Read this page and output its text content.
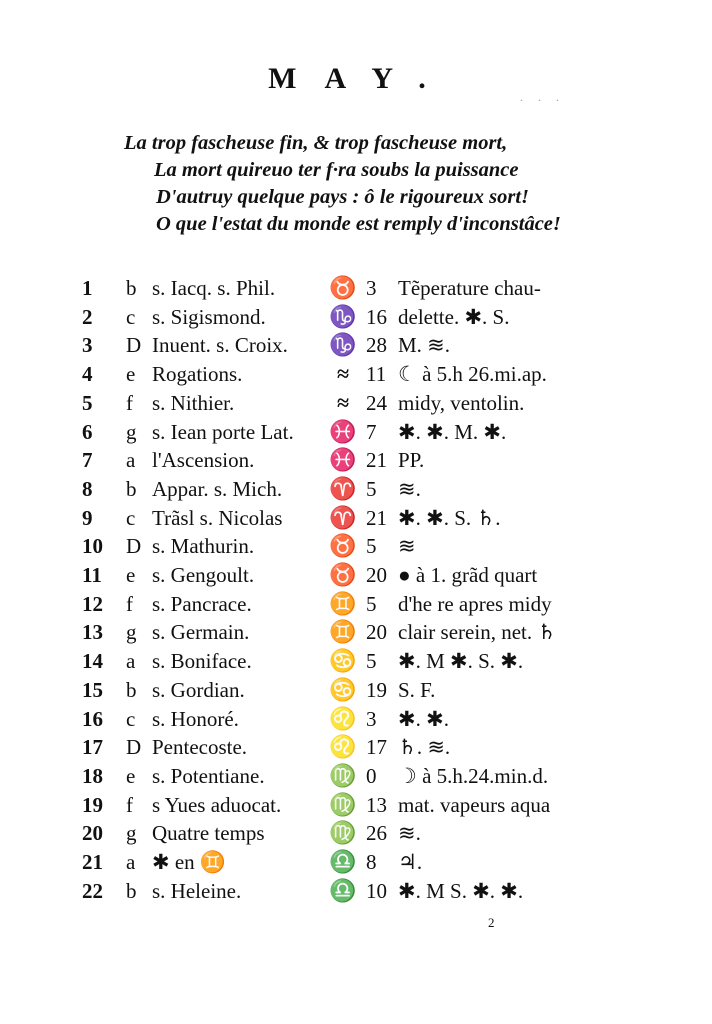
. . .
MAY.
La trop fascheuse fin, & trop fascheuse mort,
La mort quireuo ter f·ra soubs la puissance
D'autruy quelque pays : ô le rigoureux sort!
O que l'estat du monde est remply d'inconstâce!
1	b s. Iacq. s. Phil.	♉ 3	Tẽperature chau-
2	c s. Sigismond.	♑ 16 delette. ✱. S.
3	D Inuent. s. Croix.	♑ 28 M. ≋.
4	e Rogations.	≈ 11 ☾ à 5.h 26.mi.ap.
5	f s. Nithier.	≈ 24 midy, ventolin.
6	g s. Iean porte Lat.	♓ 7	✱. ✱. M. ✱.
7	a l'Ascension.	♓ 21 PP.
8	b Appar. s. Mich.	♈ 5	≋.
9	c Trãsl s. Nicolas	♈ 21 ✱. ✱. S. ♄.
10	D s. Mathurin.	♉ 5	≋
11	e s. Gengoult.	♉ 20 ● à 1. grãd quart
12	f s. Pancrace.	♊ 5	d'he re apres midy
13	g s. Germain.	♊ 20 clair serein, net. ♄
14	a s. Boniface.	♋ 5	✱. M ✱. S. ✱.
15	b s. Gordian.	♋ 19 S. F.
16	c s. Honoré.	♌ 3	✱. ✱.
17	D Pentecoste.	♌ 17 ♄. ≋.
18	e s. Potentiane.	♍ 0	☽ à 5.h.24.min.d.
19	f s Yues aduocat.	♍ 13 mat. vapeurs aqua
20	g Quatre temps	♍ 26 ≋.
21	a ✱ en ♊	♎ 8	♃.
22	b s. Heleine.	♎ 10 ✱. M S. ✱. ✱.
2
